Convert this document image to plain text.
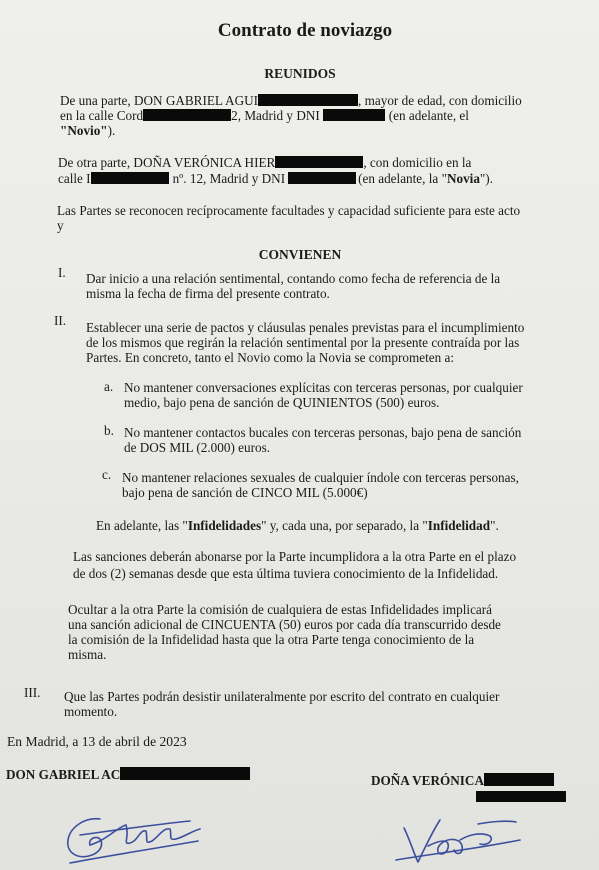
Contrato de noviazgo
REUNIDOS
De una parte, DON GABRIEL AGUI	, mayor de edad, con domicilio
en la calle Cord	2, Madrid y DNI	(en adelante, el
"Novio").
De otra parte, DOÑA VERÓNICA HIER	, con domicilio en la
calle I	nº. 12, Madrid y DNI	(en adelante, la "Novia").
Las Partes se reconocen recíprocamente facultades y capacidad suficiente para este acto
y
CONVIENEN
I. Dar inicio a una relación sentimental, contando como fecha de referencia de la
misma la fecha de firma del presente contrato.
II. Establecer una serie de pactos y cláusulas penales previstas para el incumplimiento
de los mismos que regirán la relación sentimental por la presente contraída por las
Partes. En concreto, tanto el Novio como la Novia se comprometen a:
a. No mantener conversaciones explícitas con terceras personas, por cualquier
medio, bajo pena de sanción de QUINIENTOS (500) euros.
b. No mantener contactos bucales con terceras personas, bajo pena de sanción
de DOS MIL (2.000) euros.
c. No mantener relaciones sexuales de cualquier índole con terceras personas,
bajo pena de sanción de CINCO MIL (5.000€)
En adelante, las "Infidelidades" y, cada una, por separado, la "Infidelidad".
Las sanciones deberán abonarse por la Parte incumplidora a la otra Parte en el plazo
de dos (2) semanas desde que esta última tuviera conocimiento de la Infidelidad.
Ocultar a la otra Parte la comisión de cualquiera de estas Infidelidades implicará
una sanción adicional de CINCUENTA (50) euros por cada día transcurrido desde
la comisión de la Infidelidad hasta que la otra Parte tenga conocimiento de la
misma.
III. Que las Partes podrán desistir unilateralmente por escrito del contrato en cualquier
momento.
En Madrid, a 13 de abril de 2023
DON GABRIEL AC	DOÑA VERÓNICA
